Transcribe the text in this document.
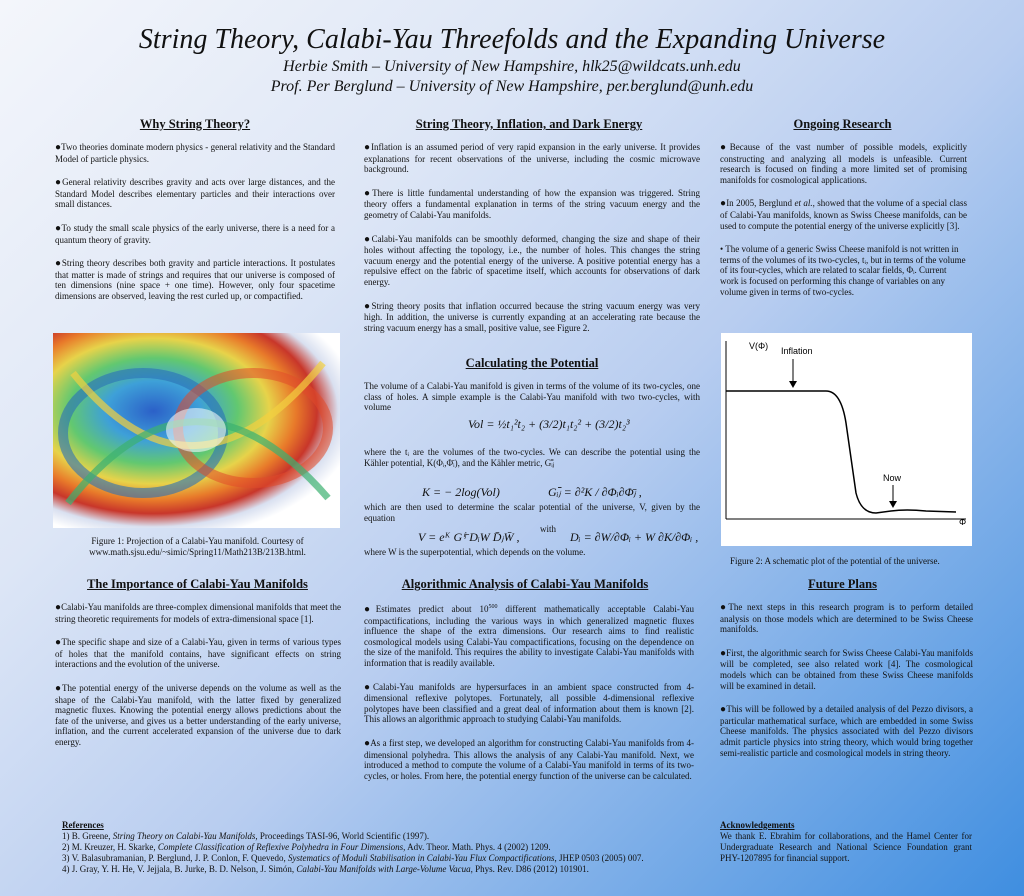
String Theory, Calabi-Yau Threefolds and the Expanding Universe
Herbie Smith – University of New Hampshire, hlk25@wildcats.unh.edu
Prof. Per Berglund – University of New Hampshire, per.berglund@unh.edu
Why String Theory?

●Two theories dominate modern physics - general relativity and the Standard Model of particle physics.

●General relativity describes gravity and acts over large distances, and the Standard Model describes elementary particles and their interactions over small distances.

●To study the small scale physics of the early universe, there is a need for a quantum theory of gravity.

●String theory describes both gravity and particle interactions. It postulates that matter is made of strings and requires that our universe is composed of ten dimensions (nine space + one time). However, only four spacetime dimensions are observed, leaving the rest curled up, or compactified.

Figure 1: Projection of a Calabi-Yau manifold. Courtesy of www.math.sjsu.edu/~simic/Spring11/Math213B/213B.html.
String Theory, Inflation, and Dark Energy

●Inflation is an assumed period of very rapid expansion in the early universe. It provides explanations for recent observations of the universe, including the cosmic microwave background.

●There is little fundamental understanding of how the expansion was triggered. String theory offers a fundamental explanation in terms of the string vacuum energy and the geometry of Calabi-Yau manifolds.

●Calabi-Yau manifolds can be smoothly deformed, changing the size and shape of their holes without affecting the topology, i.e., the number of holes. This changes the string vacuum energy and the potential energy of the universe. A positive potential energy has a repulsive effect on the fabric of spacetime itself, which accounts for observations of dark energy.

●String theory posits that inflation occurred because the string vacuum energy was very high. In addition, the universe is currently expanding at an accelerating rate because the string vacuum energy has a small, positive value, see Figure 2.

Calculating the Potential
The volume of a Calabi-Yau manifold is given in terms of the volume of its two-cycles, one class of holes. A simple example is the Calabi-Yau manifold with two two-cycles, with volume
Vol = ½t₁²t₂ + (3/2)t₁t₂² + (3/2)t₂³
where the tᵢ are the volumes of the two-cycles. We can describe the potential using the Kähler potential, K(Φᵢ,Φ̄ᵢ), and the Kähler metric, Gᵢⱼ̄
K = − 2log(Vol)	Gᵢⱼ̄ = ∂²K / ∂Φᵢ∂Φ̄ⱼ ,
which are then used to determine the scalar potential of the universe, V, given by the equation
V = eᴷ Gⁱʲ̄ DᵢW D̄ⱼW̄ ,
with
Dᵢ = ∂W/∂Φᵢ + W ∂K/∂Φᵢ ,
where W is the superpotential, which depends on the volume.
Ongoing Research

●Because of the vast number of possible models, explicitly constructing and analyzing all models is unfeasible. Current research is focused on finding a more limited set of promising manifolds for cosmological applications.

●In 2005, Berglund et al., showed that the volume of a special class of Calabi-Yau manifolds, known as Swiss Cheese manifolds, can be used to compute the potential energy of the universe explicitly [3].

• The volume of a generic Swiss Cheese manifold is not written in terms of the volumes of its two-cycles, tᵢ, but in terms of the volume of its four-cycles, which are related to scalar fields, Φᵢ. Current work is focused on performing this change of variables on any volume given in terms of two-cycles.

V(Φ) Inflation
Now
Φ
Figure 2: A schematic plot of the potential of the universe.
The Importance of Calabi-Yau Manifolds

●Calabi-Yau manifolds are three-complex dimensional manifolds that meet the string theoretic requirements for models of extra-dimensional space [1].

●The specific shape and size of a Calabi-Yau, given in terms of various types of holes that the manifold contains, have significant effects on string interactions and the evolution of the universe.

●The potential energy of the universe depends on the volume as well as the shape of the Calabi-Yau manifold, with the latter fixed by generalized magnetic fluxes. Knowing the potential energy allows predictions about the fate of the universe, and gives us a better understanding of the early universe, inflation, and the current accelerated expansion of the universe due to dark energy.

Algorithmic Analysis of Calabi-Yau Manifolds

●Estimates predict about $10^{500}$ different mathematically acceptable Calabi-Yau compactifications, including the various ways in which generalized magnetic fluxes influence the shape of the extra dimensions. Our research aims to find realistic cosmological models using Calabi-Yau compactifications, focusing on the dependence on the size of the manifold. This requires the ability to investigate Calabi-Yau manifolds with information that is readily available.

●Calabi-Yau manifolds are hypersurfaces in an ambient space constructed from 4-dimensional reflexive polytopes. Fortunately, all possible 4-dimensional reflexive polytopes have been classified and a great deal of information about them is known [2]. This allows an algorithmic approach to studying Calabi-Yau manifolds.

●As a first step, we developed an algorithm for constructing Calabi-Yau manifolds from 4-dimensional polyhedra. This allows the analysis of any Calabi-Yau manifold. Next, we introduced a method to compute the volume of a Calabi-Yau manifold in terms of its two-cycles, or holes. From here, the potential energy function of the universe can be calculated.

Future Plans

●The next steps in this research program is to perform detailed analysis on those models which are determined to be Swiss Cheese manifolds.

●First, the algorithmic search for Swiss Cheese Calabi-Yau manifolds will be completed, see also related work [4]. The cosmological models which can be obtained from these Swiss Cheese manifolds will be examined in detail.

●This will be followed by a detailed analysis of del Pezzo divisors, a particular mathematical surface, which are embedded in some Swiss Cheese manifolds. The physics associated with del Pezzo divisors admit particle physics into string theory, which would bring together semi-realistic particle and cosmological models in string theory.

References

1) B. Greene, String Theory on Calabi-Yau Manifolds, Proceedings TASI-96, World Scientific (1997).

2) M. Kreuzer, H. Skarke, Complete Classification of Reflexive Polyhedra in Four Dimensions, Adv. Theor. Math. Phys. 4 (2002) 1209.

3) V. Balasubramanian, P. Berglund, J. P. Conlon, F. Quevedo, Systematics of Moduli Stabilisation in Calabi-Yau Flux Compactifications, JHEP 0503 (2005) 007.

4) J. Gray, Y. H. He, V. Jejjala, B. Jurke, B. D. Nelson, J. Simón, Calabi-Yau Manifolds with Large-Volume Vacua, Phys. Rev. D86 (2012) 101901.

Acknowledgements

We thank E. Ebrahim for collaborations, and the Hamel Center for Undergraduate Research and National Science Foundation grant PHY-1207895 for financial support.
